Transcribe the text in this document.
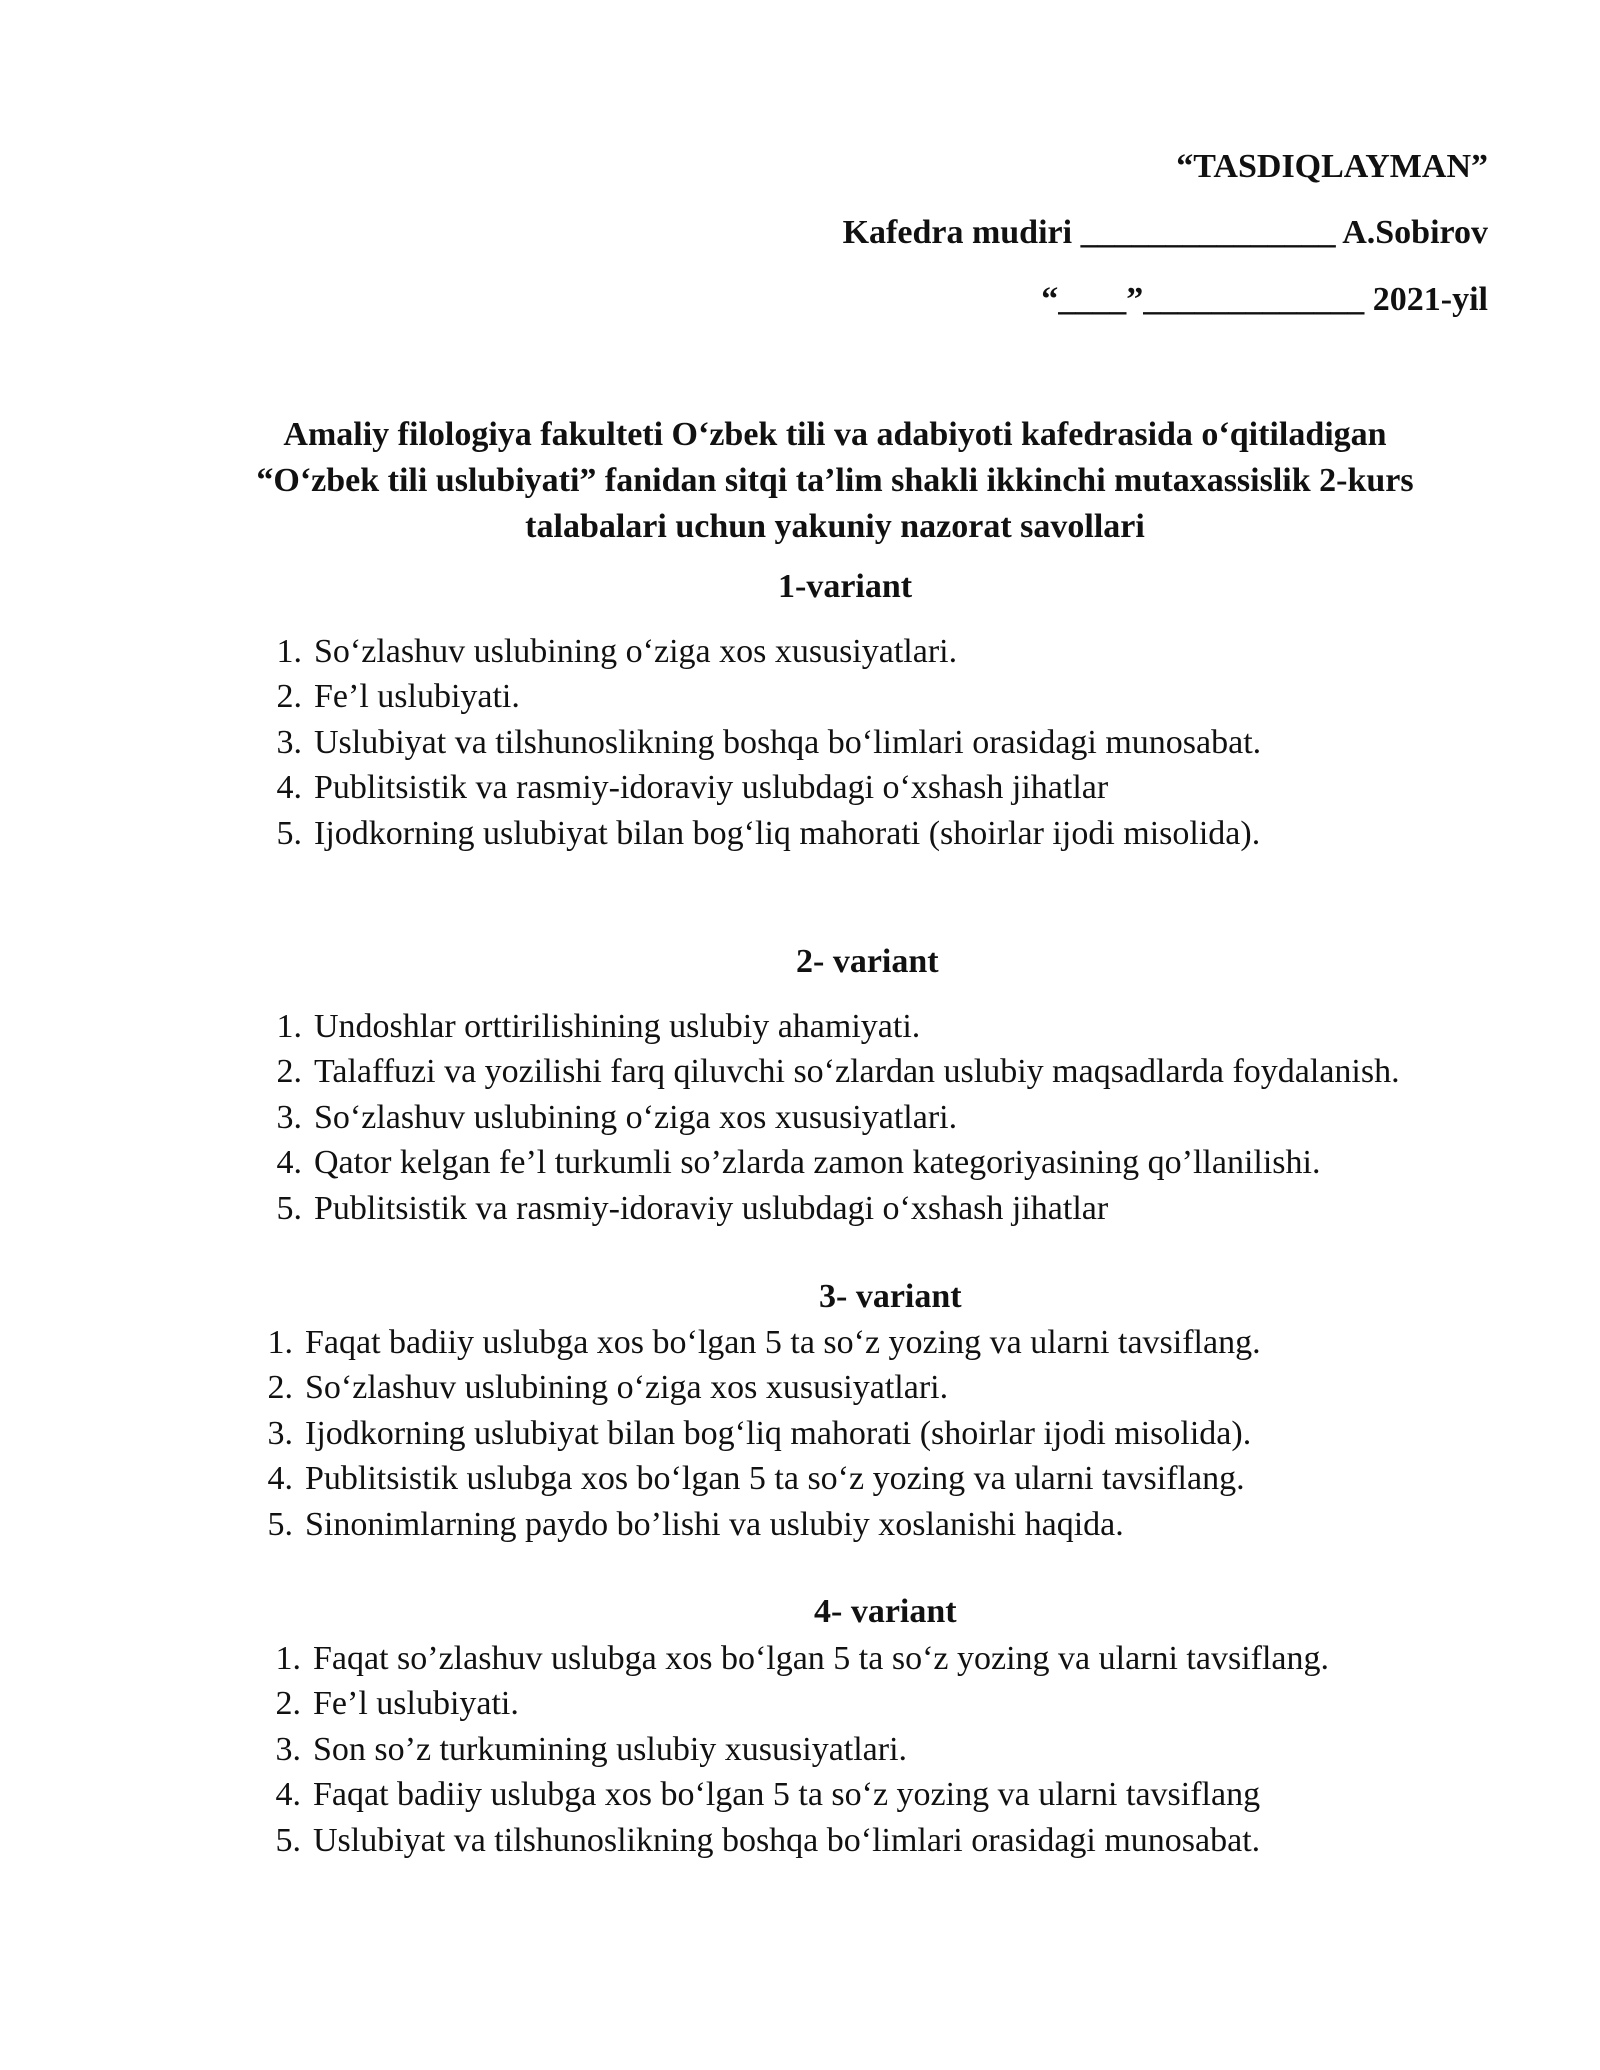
“TASDIQLAYMAN”
Kafedra mudiri _______________ A.Sobirov
“____”_____________ 2021-yil
Amaliy filologiya fakulteti O‘zbek tili va adabiyoti kafedrasida o‘qitiladigan
“O‘zbek tili uslubiyati” fanidan sitqi ta’lim shakli ikkinchi mutaxassislik 2-kurs
talabalari uchun yakuniy nazorat savollari
1-variant
1. So‘zlashuv uslubining o‘ziga xos xususiyatlari.
2. Fe’l uslubiyati.
3. Uslubiyat va tilshunoslikning boshqa bo‘limlari orasidagi munosabat.
4. Publitsistik va rasmiy-idoraviy uslubdagi o‘xshash jihatlar
5. Ijodkorning uslubiyat bilan bog‘liq mahorati (shoirlar ijodi misolida).
2- variant
1. Undoshlar orttirilishining uslubiy ahamiyati.
2. Talaffuzi va yozilishi farq qiluvchi so‘zlardan uslubiy maqsadlarda foydalanish.
3. So‘zlashuv uslubining o‘ziga xos xususiyatlari.
4. Qator kelgan fe’l turkumli so’zlarda zamon kategoriyasining qo’llanilishi.
5. Publitsistik va rasmiy-idoraviy uslubdagi o‘xshash jihatlar
3- variant
1. Faqat badiiy uslubga xos bo‘lgan 5 ta so‘z yozing va ularni tavsiflang.
2. So‘zlashuv uslubining o‘ziga xos xususiyatlari.
3. Ijodkorning uslubiyat bilan bog‘liq mahorati (shoirlar ijodi misolida).
4. Publitsistik uslubga xos bo‘lgan 5 ta so‘z yozing va ularni tavsiflang.
5. Sinonimlarning paydo bo’lishi va uslubiy xoslanishi haqida.
4- variant
1. Faqat so’zlashuv uslubga xos bo‘lgan 5 ta so‘z yozing va ularni tavsiflang.
2. Fe’l uslubiyati.
3. Son so’z turkumining uslubiy xususiyatlari.
4. Faqat badiiy uslubga xos bo‘lgan 5 ta so‘z yozing va ularni tavsiflang
5. Uslubiyat va tilshunoslikning boshqa bo‘limlari orasidagi munosabat.
